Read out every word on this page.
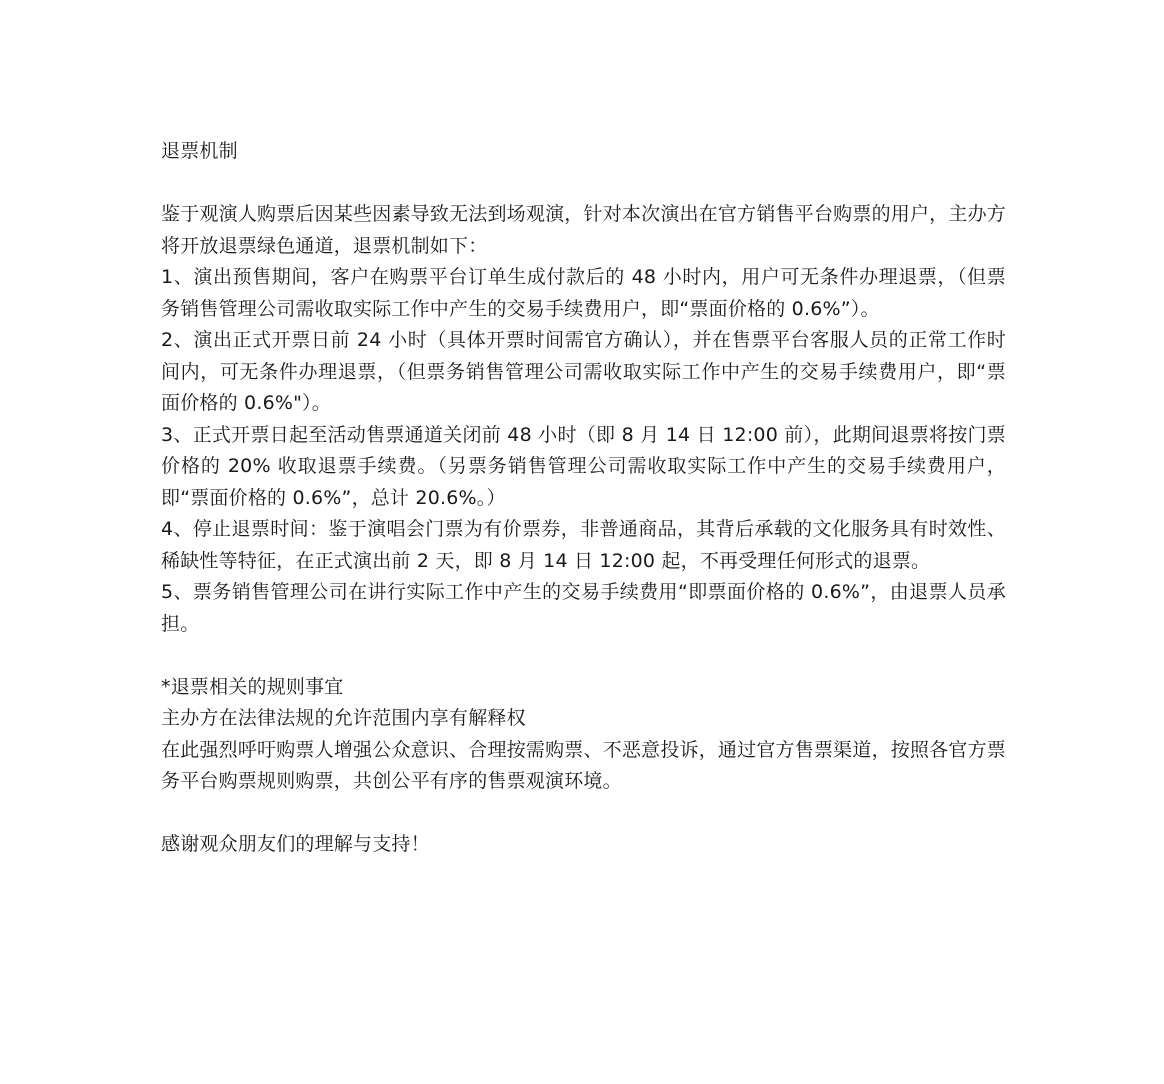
退票机制

鉴于观演人购票后因某些因素导致无法到场观演，针对本次演出在官方销售平台购票的用户，主办方将开放退票绿色通道，退票机制如下：

1、演出预售期间，客户在购票平台订单生成付款后的 48 小时内，用户可无条件办理退票，（但票务销售管理公司需收取实际工作中产生的交易手续费用户，即“票面价格的 0.6%”）。

2、演出正式开票日前 24 小时（具体开票时间需官方确认），并在售票平台客服人员的正常工作时间内，可无条件办理退票，（但票务销售管理公司需收取实际工作中产生的交易手续费用户，即“票面价格的 0.6%"）。

3、正式开票日起至活动售票通道关闭前 48 小时（即 8 月 14 日 12:00 前），此期间退票将按门票价格的 20% 收取退票手续费。（另票务销售管理公司需收取实际工作中产生的交易手续费用户，即“票面价格的 0.6%”，总计 20.6%。）

4、停止退票时间：鉴于演唱会门票为有价票券，非普通商品，其背后承载的文化服务具有时效性、稀缺性等特征，在正式演出前 2 天，即 8 月 14 日 12:00 起，不再受理任何形式的退票。

5、票务销售管理公司在讲行实际工作中产生的交易手续费用“即票面价格的 0.6%”，由退票人员承担。

*退票相关的规则事宜

主办方在法律法规的允许范围内享有解释权

在此强烈呼吁购票人增强公众意识、合理按需购票、不恶意投诉，通过官方售票渠道，按照各官方票务平台购票规则购票，共创公平有序的售票观演环境。

感谢观众朋友们的理解与支持！
